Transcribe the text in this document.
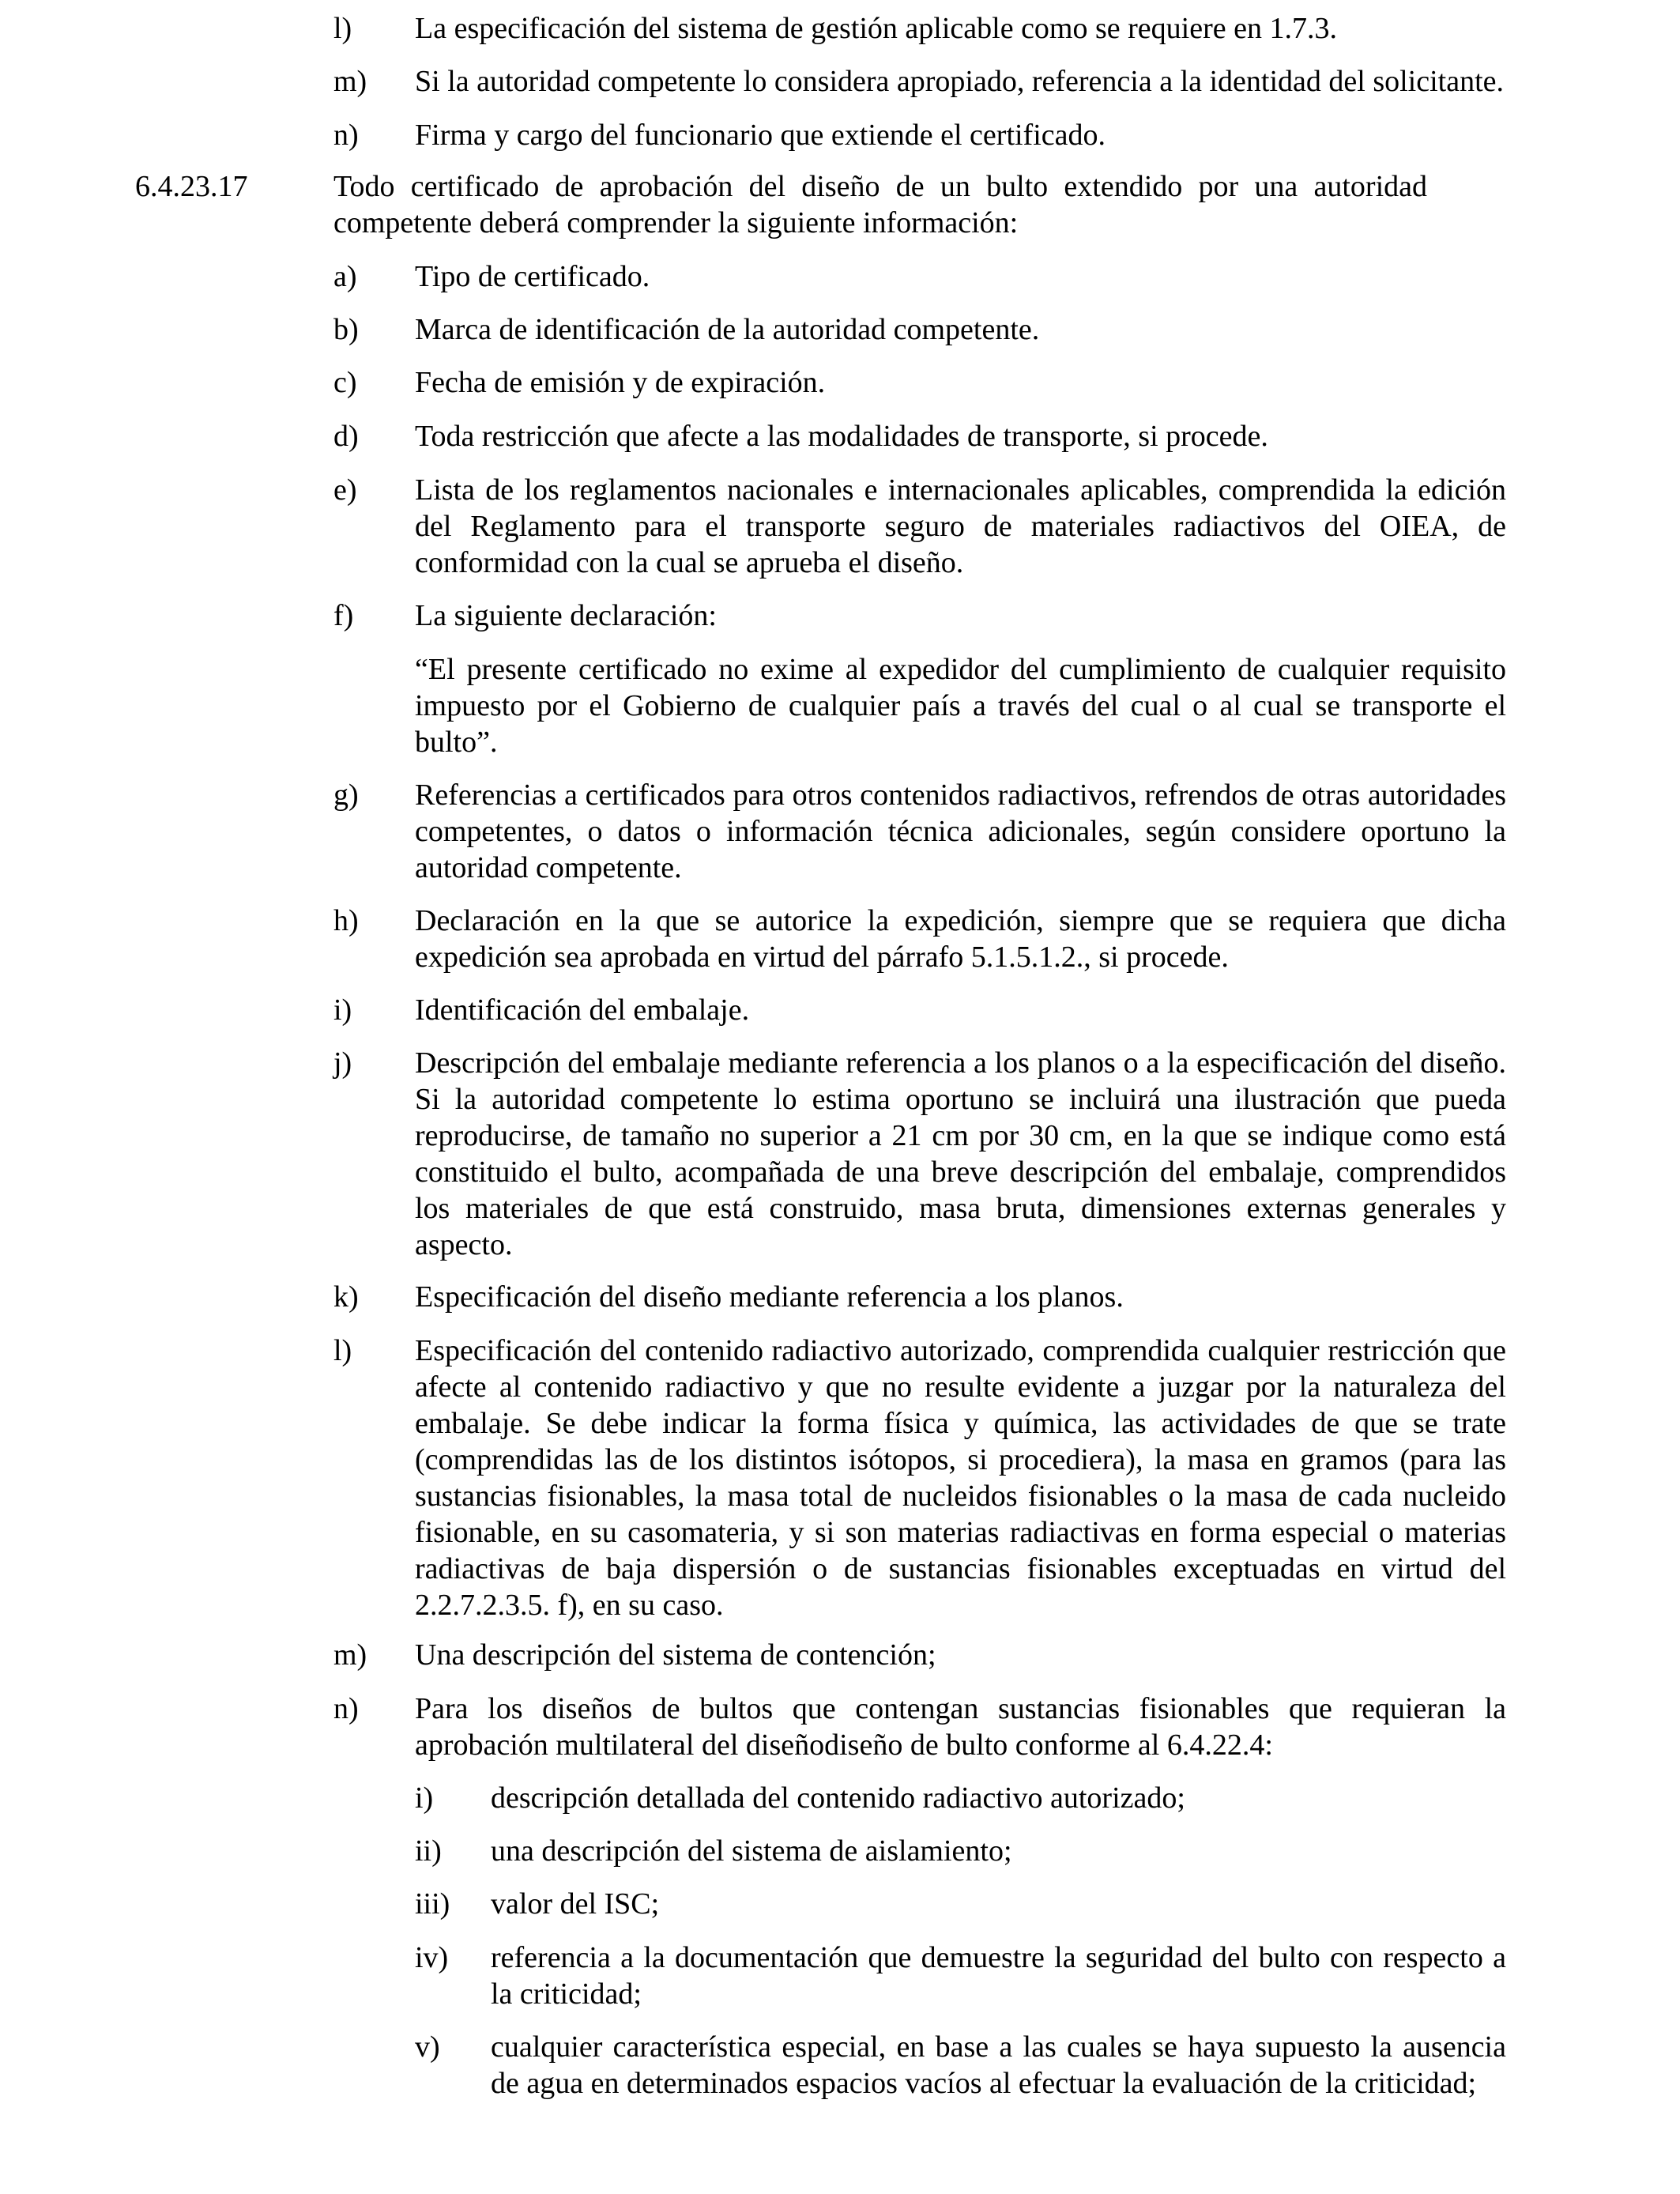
l) La especificación del sistema de gestión aplicable como se requiere en 1.7.3.
m) Si la autoridad competente lo considera apropiado, referencia a la identidad del solicitante.
n) Firma y cargo del funcionario que extiende el certificado.
6.4.23.17	Todo certificado de aprobación del diseño de un bulto extendido por una autoridad competente deberá comprender la siguiente información:
a) Tipo de certificado.
b) Marca de identificación de la autoridad competente.
c) Fecha de emisión y de expiración.
d) Toda restricción que afecte a las modalidades de transporte, si procede.
e) Lista de los reglamentos nacionales e internacionales aplicables, comprendida la edición del Reglamento para el transporte seguro de materiales radiactivos del OIEA, de conformidad con la cual se aprueba el diseño.
f) La siguiente declaración:
“El presente certificado no exime al expedidor del cumplimiento de cualquier requisito impuesto por el Gobierno de cualquier país a través del cual o al cual se transporte el bulto”.
g) Referencias a certificados para otros contenidos radiactivos, refrendos de otras autoridades competentes, o datos o información técnica adicionales, según considere oportuno la autoridad competente.
h) Declaración en la que se autorice la expedición, siempre que se requiera que dicha expedición sea aprobada en virtud del párrafo 5.1.5.1.2., si procede.
i) Identificación del embalaje.
j) Descripción del embalaje mediante referencia a los planos o a la especificación del diseño. Si la autoridad competente lo estima oportuno se incluirá una ilustración que pueda reproducirse, de tamaño no superior a 21 cm por 30 cm, en la que se indique como está constituido el bulto, acompañada de una breve descripción del embalaje, comprendidos los materiales de que está construido, masa bruta, dimensiones externas generales y aspecto.
k) Especificación del diseño mediante referencia a los planos.
l) Especificación del contenido radiactivo autorizado, comprendida cualquier restricción que afecte al contenido radiactivo y que no resulte evidente a juzgar por la naturaleza del embalaje. Se debe indicar la forma física y química, las actividades de que se trate (comprendidas las de los distintos isótopos, si procediera), la masa en gramos (para las sustancias fisionables, la masa total de nucleidos fisionables o la masa de cada nucleido fisionable, en su casomateria, y si son materias radiactivas en forma especial o materias radiactivas de baja dispersión o de sustancias fisionables exceptuadas en virtud del 2.2.7.2.3.5. f), en su caso.
m) Una descripción del sistema de contención;
n) Para los diseños de bultos que contengan sustancias fisionables que requieran la aprobación multilateral del diseñodiseño de bulto conforme al 6.4.22.4:
i) descripción detallada del contenido radiactivo autorizado;
ii) una descripción del sistema de aislamiento;
iii) valor del ISC;
iv) referencia a la documentación que demuestre la seguridad del bulto con respecto a la criticidad;
v) cualquier característica especial, en base a las cuales se haya supuesto la ausencia de agua en determinados espacios vacíos al efectuar la evaluación de la criticidad;
